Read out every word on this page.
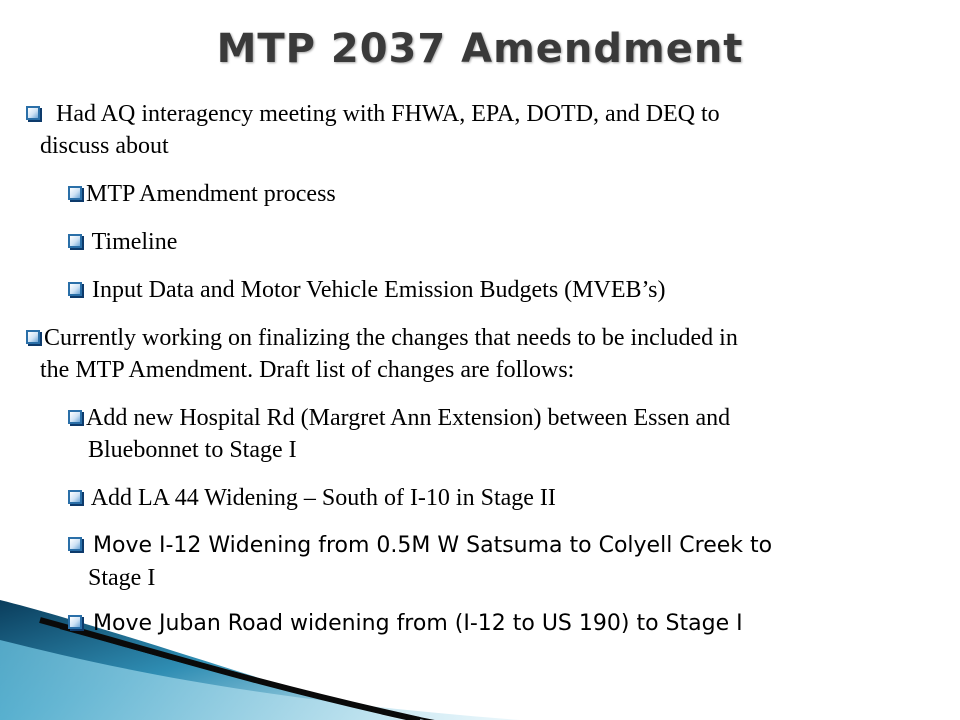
MTP 2037 Amendment
Had AQ interagency meeting with FHWA, EPA, DOTD, and DEQ to
discuss about
MTP Amendment process
Timeline
Input Data and Motor Vehicle Emission Budgets (MVEB’s)
Currently working on finalizing the changes that needs to be included in
the MTP Amendment. Draft list of changes are follows:
Add new Hospital Rd (Margret Ann Extension) between Essen and
Bluebonnet to Stage I
Add LA 44 Widening – South of I-10 in Stage II
Move I-12 Widening from 0.5M W Satsuma to Colyell Creek to
Stage I
Move Juban Road widening from (I-12 to US 190) to Stage I
